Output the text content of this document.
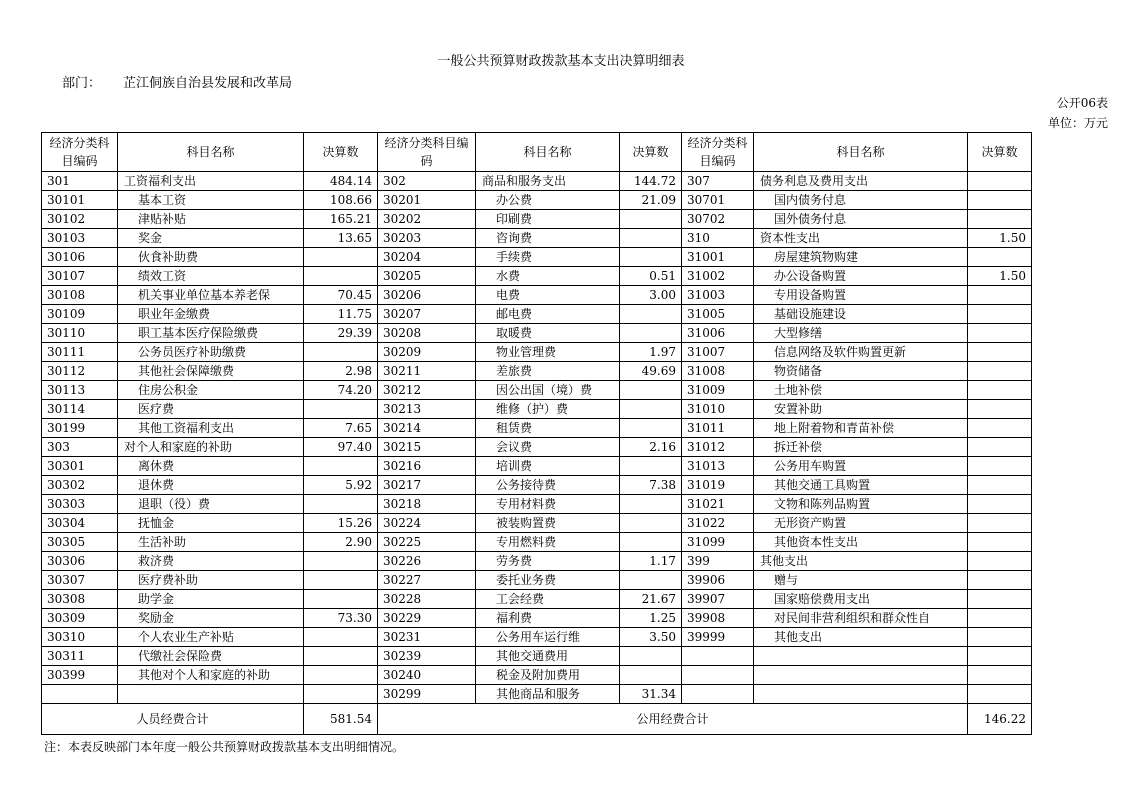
一般公共预算财政拨款基本支出决算明细表
部门： 芷江侗族自治县发展和改革局
公开06表
单位：万元
经济分类科目编码	科目名称	决算数	经济分类科目编码	科目名称	决算数	经济分类科目编码	科目名称	决算数
301	工资福利支出	484.14	302	商品和服务支出	144.72	307	债务利息及费用支出	
30101	基本工资	108.66	30201	办公费	21.09	30701	国内债务付息	
30102	津贴补贴	165.21	30202	印刷费		30702	国外债务付息	
30103	奖金	13.65	30203	咨询费		310	资本性支出	1.50
30106	伙食补助费		30204	手续费		31001	房屋建筑物购建	
30107	绩效工资		30205	水费	0.51	31002	办公设备购置	1.50
30108	机关事业单位基本养老保	70.45	30206	电费	3.00	31003	专用设备购置	
30109	职业年金缴费	11.75	30207	邮电费		31005	基础设施建设	
30110	职工基本医疗保险缴费	29.39	30208	取暖费		31006	大型修缮	
30111	公务员医疗补助缴费		30209	物业管理费	1.97	31007	信息网络及软件购置更新	
30112	其他社会保障缴费	2.98	30211	差旅费	49.69	31008	物资储备	
30113	住房公积金	74.20	30212	因公出国（境）费		31009	土地补偿	
30114	医疗费		30213	维修（护）费		31010	安置补助	
30199	其他工资福利支出	7.65	30214	租赁费		31011	地上附着物和青苗补偿	
303	对个人和家庭的补助	97.40	30215	会议费	2.16	31012	拆迁补偿	
30301	离休费		30216	培训费		31013	公务用车购置	
30302	退休费	5.92	30217	公务接待费	7.38	31019	其他交通工具购置	
30303	退职（役）费		30218	专用材料费		31021	文物和陈列品购置	
30304	抚恤金	15.26	30224	被装购置费		31022	无形资产购置	
30305	生活补助	2.90	30225	专用燃料费		31099	其他资本性支出	
30306	救济费		30226	劳务费	1.17	399	其他支出	
30307	医疗费补助		30227	委托业务费		39906	赠与	
30308	助学金		30228	工会经费	21.67	39907	国家赔偿费用支出	
30309	奖励金	73.30	30229	福利费	1.25	39908	对民间非营利组织和群众性自	
30310	个人农业生产补贴		30231	公务用车运行维	3.50	39999	其他支出	
30311	代缴社会保险费		30239	其他交通费用				
30399	其他对个人和家庭的补助		30240	税金及附加费用				
			30299	其他商品和服务	31.34			
人员经费合计		581.54	公用经费合计					146.22
注：本表反映部门本年度一般公共预算财政拨款基本支出明细情况。
